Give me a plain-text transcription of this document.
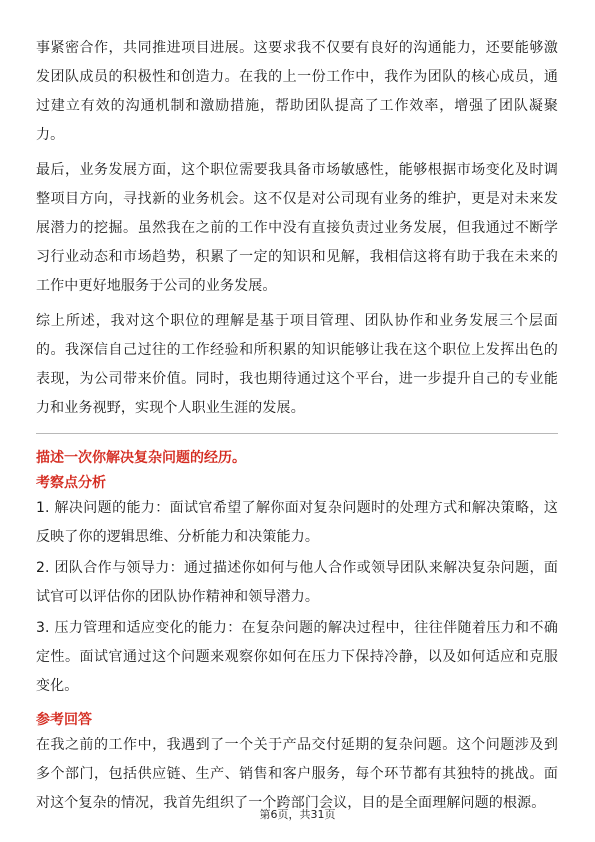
事紧密合作，共同推进项目进展。这要求我不仅要有良好的沟通能力，还要能够激发团队成员的积极性和创造力。在我的上一份工作中，我作为团队的核心成员，通过建立有效的沟通机制和激励措施，帮助团队提高了工作效率，增强了团队凝聚力。

最后，业务发展方面，这个职位需要我具备市场敏感性，能够根据市场变化及时调整项目方向，寻找新的业务机会。这不仅是对公司现有业务的维护，更是对未来发展潜力的挖掘。虽然我在之前的工作中没有直接负责过业务发展，但我通过不断学习行业动态和市场趋势，积累了一定的知识和见解，我相信这将有助于我在未来的工作中更好地服务于公司的业务发展。

综上所述，我对这个职位的理解是基于项目管理、团队协作和业务发展三个层面的。我深信自己过往的工作经验和所积累的知识能够让我在这个职位上发挥出色的表现，为公司带来价值。同时，我也期待通过这个平台，进一步提升自己的专业能力和业务视野，实现个人职业生涯的发展。

描述一次你解决复杂问题的经历。
考察点分析

1. 解决问题的能力：面试官希望了解你面对复杂问题时的处理方式和解决策略，这反映了你的逻辑思维、分析能力和决策能力。

2. 团队合作与领导力：通过描述你如何与他人合作或领导团队来解决复杂问题，面试官可以评估你的团队协作精神和领导潜力。

3. 压力管理和适应变化的能力：在复杂问题的解决过程中，往往伴随着压力和不确定性。面试官通过这个问题来观察你如何在压力下保持冷静，以及如何适应和克服变化。

参考回答

在我之前的工作中，我遇到了一个关于产品交付延期的复杂问题。这个问题涉及到多个部门，包括供应链、生产、销售和客户服务，每个环节都有其独特的挑战。面对这个复杂的情况，我首先组织了一个跨部门会议，目的是全面理解问题的根源。

第6页，共31页
